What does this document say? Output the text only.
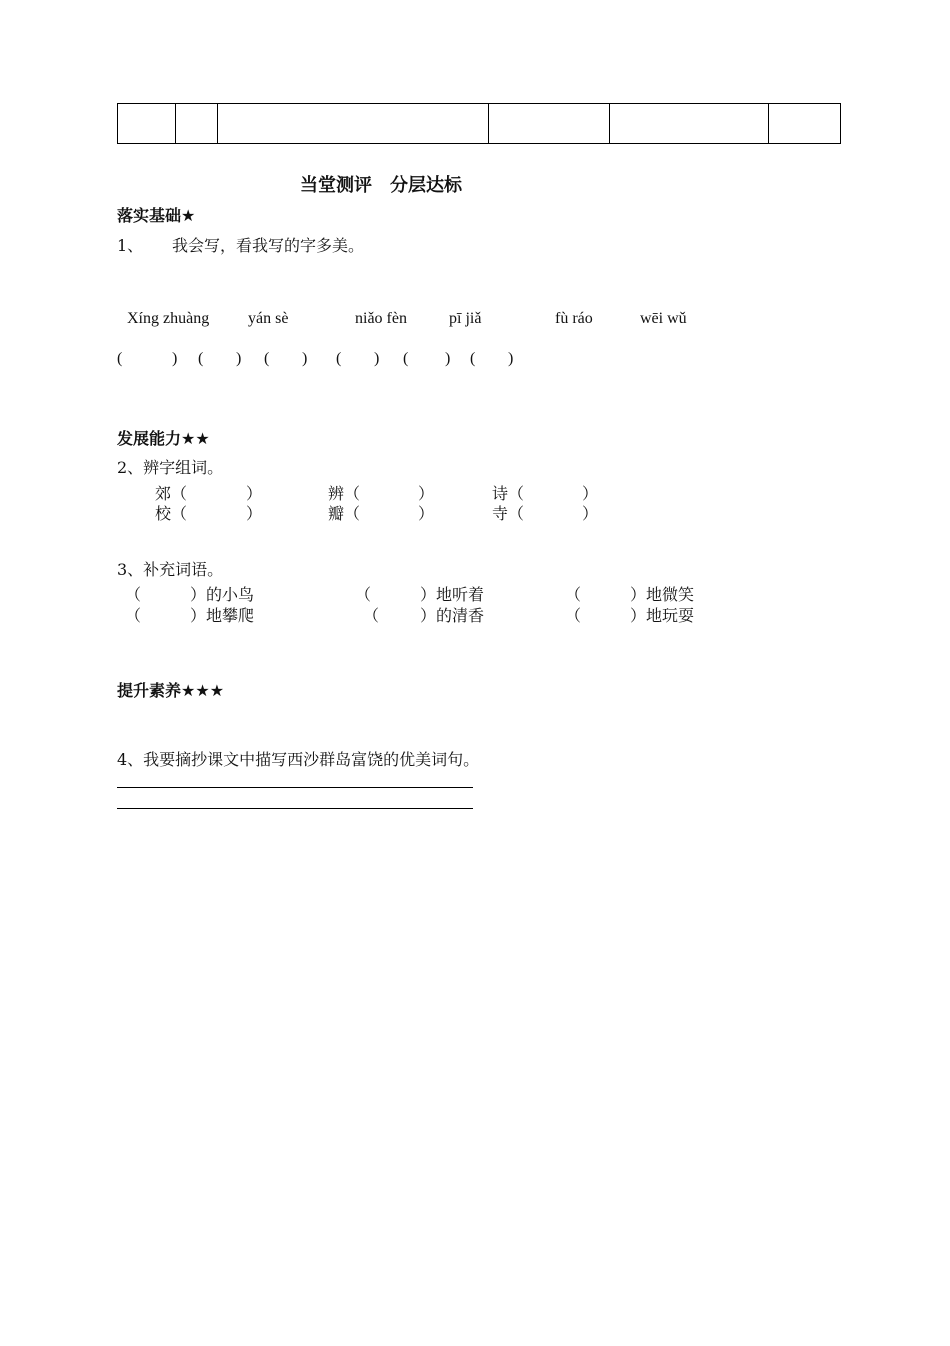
当堂测评　分层达标
落实基础★
1、 我会写，看我写的字多美。
Xíng zhuàng yán sè	niǎo fèn	pī jiǎ	fù ráo	wēi wǔ
(	) ( ) ( ) ( ) ( ) ( )
发展能力★★
2、辨字组词。
郊（	）	辨（	）	诗（	）
校（	）	瓣（	）	寺（	）
3、补充词语。
（	）的小鸟	（	）地听着	（	）地微笑
（	）地攀爬	（	）的清香	（	）地玩耍
提升素养★★★
4、我要摘抄课文中描写西沙群岛富饶的优美词句。
